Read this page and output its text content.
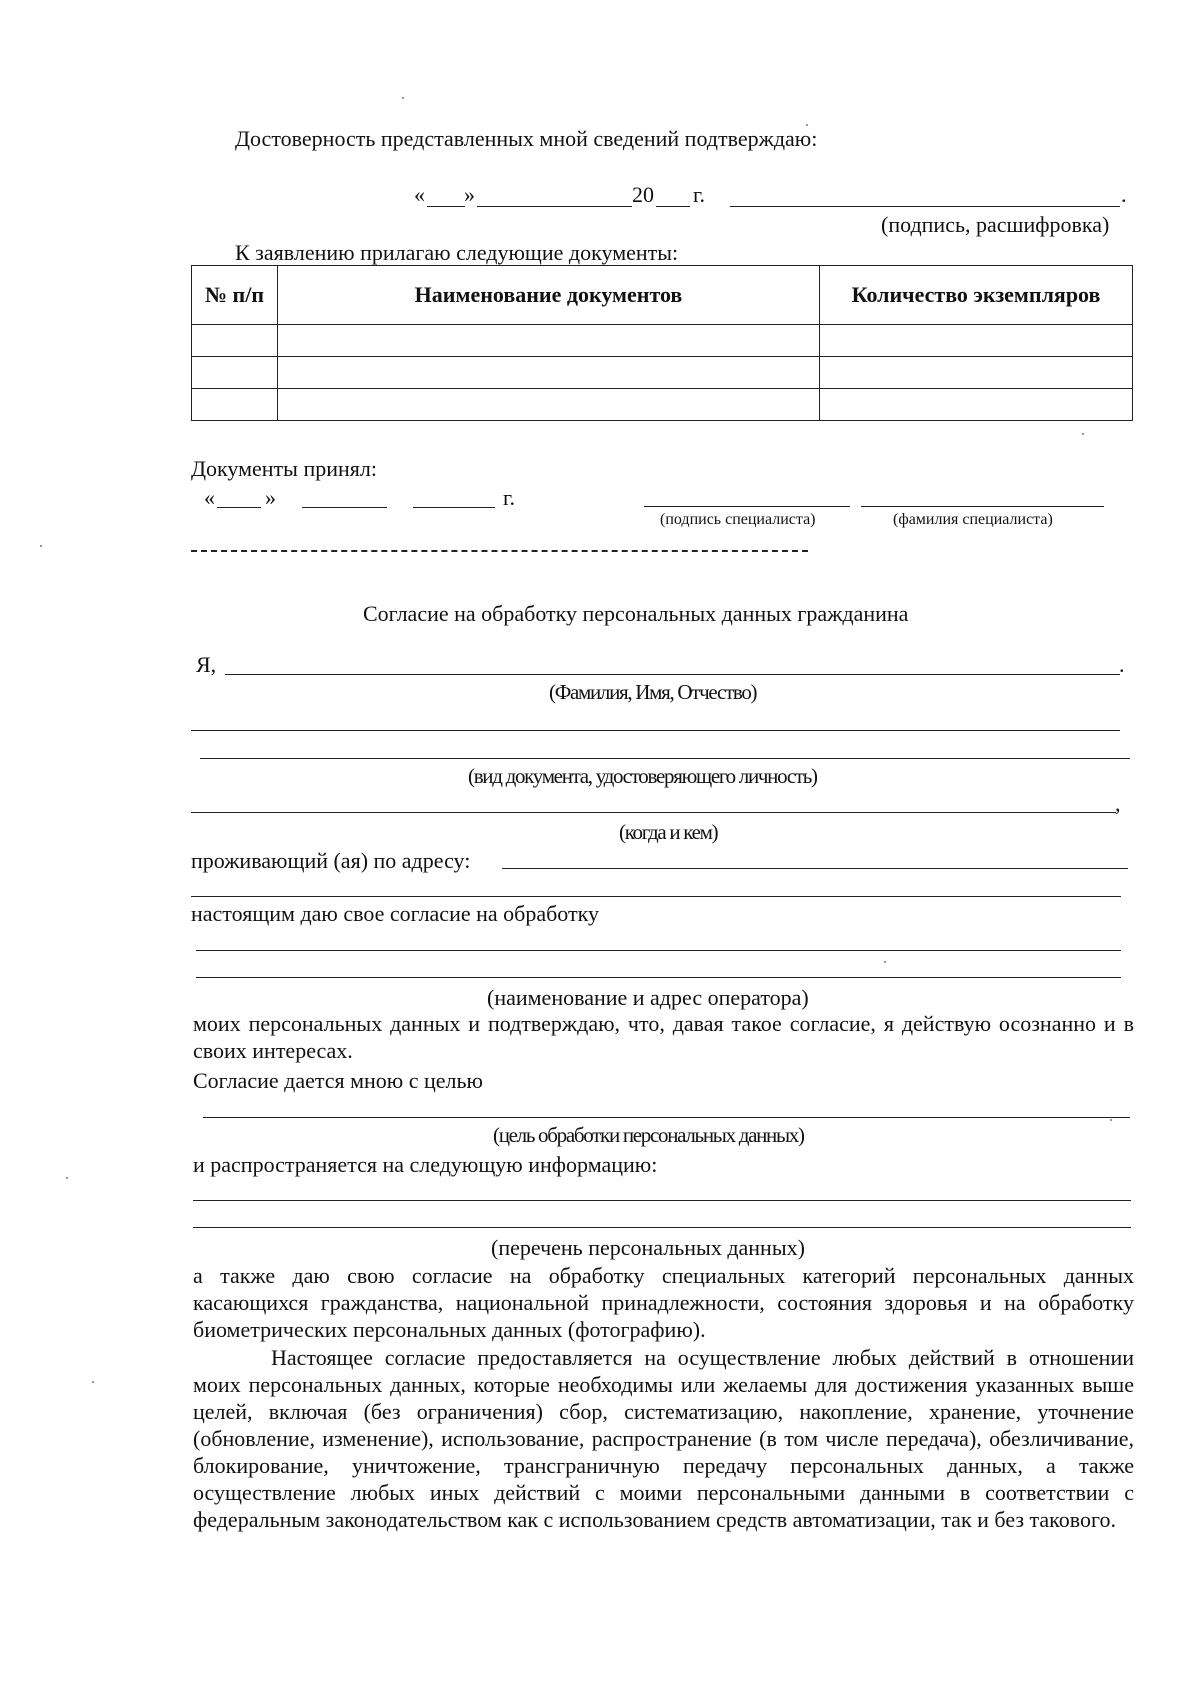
Достоверность представленных мной сведений подтверждаю:
« »	20 г.	.
(подпись, расшифровка)
К заявлению прилагаю следующие документы:
№ п/п	Наименование документов	Количество экземпляров

Документы принял:
« »	г.
(подпись специалиста)	(фамилия специалиста)
Согласие на обработку персональных данных гражданина
Я,	.
(Фамилия, Имя, Отчество)
(вид документа, удостоверяющего личность)
,
(когда и кем)
проживающий (ая) по адресу:
настоящим даю свое согласие на обработку
(наименование и адрес оператора)

моих персональных данных и подтверждаю, что, давая такое согласие, я действую осознанно и в своих интересах.

Согласие дается мною с целью
(цель обработки персональных данных)
и распространяется на следующую информацию:
(перечень персональных данных)

а также даю свою согласие на обработку специальных категорий персональных данных касающихся гражданства, национальной принадлежности, состояния здоровья и на обработку биометрических персональных данных (фотографию).

Настоящее согласие предоставляется на осуществление любых действий в отношении моих персональных данных, которые необходимы или желаемы для достижения указанных выше целей, включая (без ограничения) сбор, систематизацию, накопление, хранение, уточнение (обновление, изменение), использование, распространение (в том числе передача), обезличивание, блокирование, уничтожение, трансграничную передачу персональных данных, а также осуществление любых иных действий с моими персональными данными в соответствии с федеральным законодательством как с использованием средств автоматизации, так и без такового.
